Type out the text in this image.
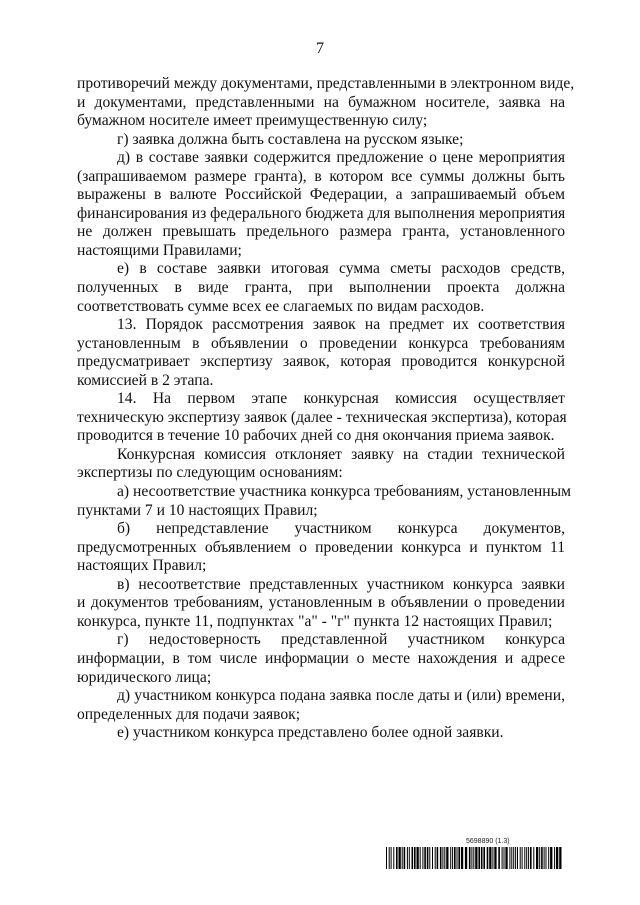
7
противоречий между документами, представленными в электронном виде,
и документами, представленными на бумажном носителе, заявка на
бумажном носителе имеет преимущественную силу;
г) заявка должна быть составлена на русском языке;
д) в составе заявки содержится предложение о цене мероприятия
(запрашиваемом размере гранта), в котором все суммы должны быть
выражены в валюте Российской Федерации, а запрашиваемый объем
финансирования из федерального бюджета для выполнения мероприятия
не должен превышать предельного размера гранта, установленного
настоящими Правилами;
е) в составе заявки итоговая сумма сметы расходов средств,
полученных в виде гранта, при выполнении проекта должна
соответствовать сумме всех ее слагаемых по видам расходов.
13. Порядок рассмотрения заявок на предмет их соответствия
установленным в объявлении о проведении конкурса требованиям
предусматривает экспертизу заявок, которая проводится конкурсной
комиссией в 2 этапа.
14. На первом этапе конкурсная комиссия осуществляет
техническую экспертизу заявок (далее - техническая экспертиза), которая
проводится в течение 10 рабочих дней со дня окончания приема заявок.
Конкурсная комиссия отклоняет заявку на стадии технической
экспертизы по следующим основаниям:
а) несоответствие участника конкурса требованиям, установленным
пунктами 7 и 10 настоящих Правил;
б) непредставление участником конкурса документов,
предусмотренных объявлением о проведении конкурса и пунктом 11
настоящих Правил;
в) несоответствие представленных участником конкурса заявки
и документов требованиям, установленным в объявлении о проведении
конкурса, пункте 11, подпунктах "а" - "г" пункта 12 настоящих Правил;
г) недостоверность представленной участником конкурса
информации, в том числе информации о месте нахождения и адресе
юридического лица;
д) участником конкурса подана заявка после даты и (или) времени,
определенных для подачи заявок;
е) участником конкурса представлено более одной заявки.
5698890 (1.3)
